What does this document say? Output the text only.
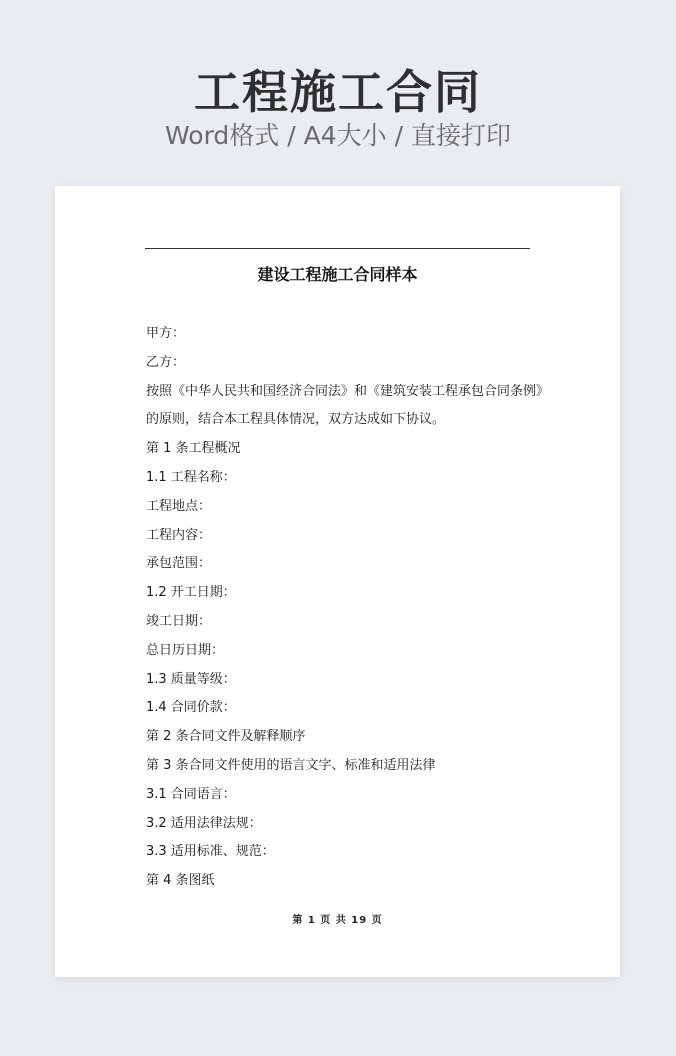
工程施工合同
Word格式 / A4大小 / 直接打印
建设工程施工合同样本
甲方：
乙方：
按照《中华人民共和国经济合同法》和《建筑安装工程承包合同条例》
的原则，结合本工程具体情况，双方达成如下协议。
第 1 条工程概况
1.1 工程名称：
工程地点：
工程内容：
承包范围：
1.2 开工日期：
竣工日期：
总日历日期：
1.3 质量等级：
1.4 合同价款：
第 2 条合同文件及解释顺序
第 3 条合同文件使用的语言文字、标准和适用法律
3.1 合同语言：
3.2 适用法律法规：
3.3 适用标准、规范：
第 4 条图纸
第 1 页 共 19 页
